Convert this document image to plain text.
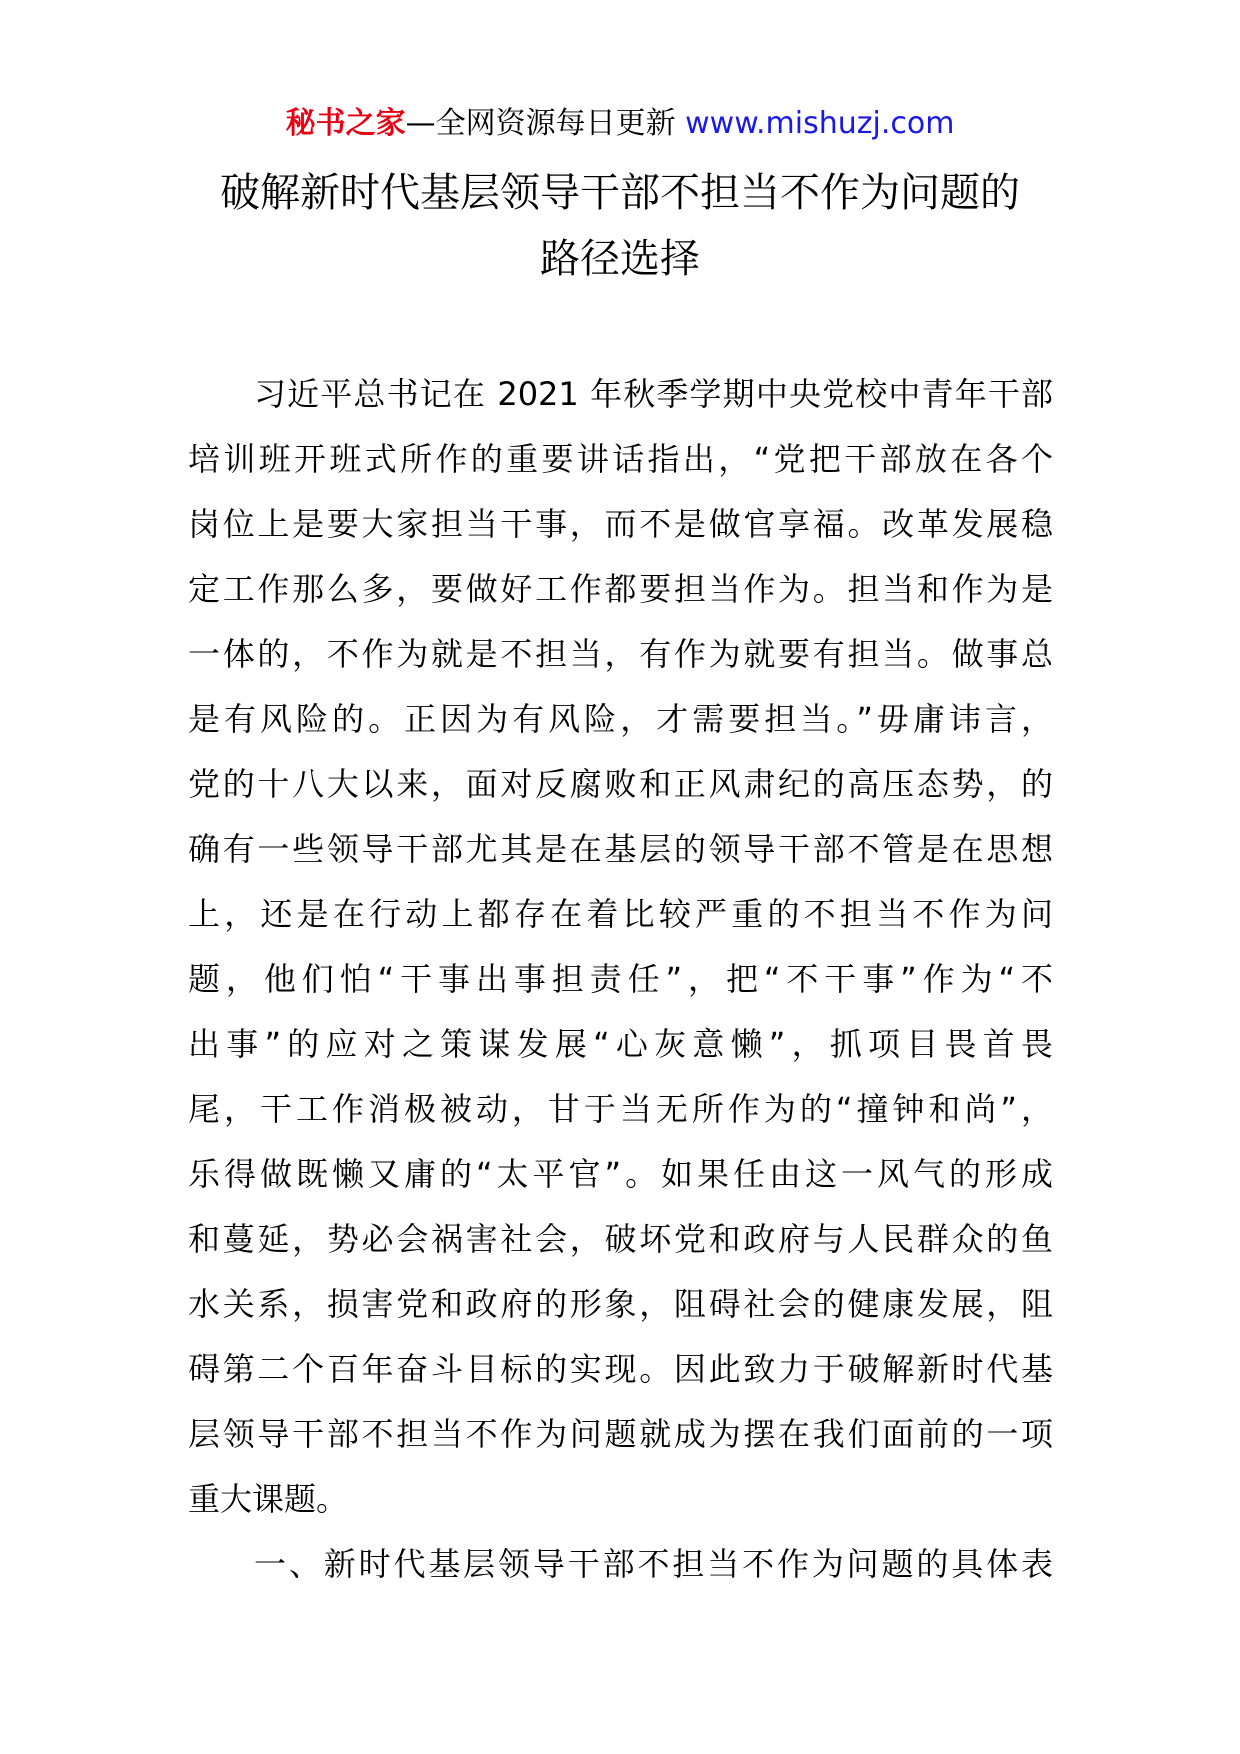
秘书之家—全网资源每日更新 www.mishuzj.com
破解新时代基层领导干部不担当不作为问题的
路径选择
习近平总书记在 2021 年秋季学期中央党校中青年干部
培训班开班式所作的重要讲话指出，“党把干部放在各个
岗位上是要大家担当干事，而不是做官享福。改革发展稳
定工作那么多，要做好工作都要担当作为。担当和作为是
一体的，不作为就是不担当，有作为就要有担当。做事总
是有风险的。正因为有风险，才需要担当。”毋庸讳言，
党的十八大以来，面对反腐败和正风肃纪的高压态势，的
确有一些领导干部尤其是在基层的领导干部不管是在思想
上，还是在行动上都存在着比较严重的不担当不作为问
题，他们怕“干事出事担责任”，把“不干事”作为“不
出事”的应对之策谋发展“心灰意懒”，抓项目畏首畏
尾，干工作消极被动，甘于当无所作为的“撞钟和尚”，
乐得做既懒又庸的“太平官”。如果任由这一风气的形成
和蔓延，势必会祸害社会，破坏党和政府与人民群众的鱼
水关系，损害党和政府的形象，阻碍社会的健康发展，阻
碍第二个百年奋斗目标的实现。因此致力于破解新时代基
层领导干部不担当不作为问题就成为摆在我们面前的一项
重大课题。
一、新时代基层领导干部不担当不作为问题的具体表
